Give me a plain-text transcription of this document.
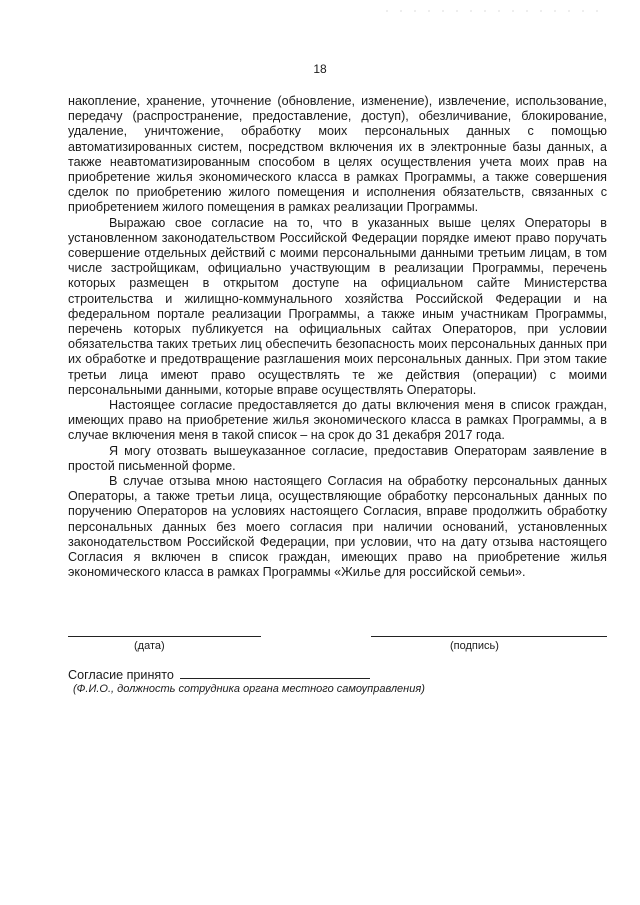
18

накопление, хранение, уточнение (обновление, изменение), извлечение, использование, передачу (распространение, предоставление, доступ), обезличивание, блокирование, удаление, уничтожение, обработку моих персональных данных с помощью автоматизированных систем, посредством включения их в электронные базы данных, а также неавтоматизированным способом в целях осуществления учета моих прав на приобретение жилья экономического класса в рамках Программы, а также совершения сделок по приобретению жилого помещения и исполнения обязательств, связанных с приобретением жилого помещения в рамках реализации Программы.

Выражаю свое согласие на то, что в указанных выше целях Операторы в установленном законодательством Российской Федерации порядке имеют право поручать совершение отдельных действий с моими персональными данными третьим лицам, в том числе застройщикам, официально участвующим в реализации Программы, перечень которых размещен в открытом доступе на официальном сайте Министерства строительства и жилищно-коммунального хозяйства Российской Федерации и на федеральном портале реализации Программы, а также иным участникам Программы, перечень которых публикуется на официальных сайтах Операторов, при условии обязательства таких третьих лиц обеспечить безопасность моих персональных данных при их обработке и предотвращение разглашения моих персональных данных. При этом такие третьи лица имеют право осуществлять те же действия (операции) с моими персональными данными, которые вправе осуществлять Операторы.

Настоящее согласие предоставляется до даты включения меня в список граждан, имеющих право на приобретение жилья экономического класса в рамках Программы, а в случае включения меня в такой список – на срок до 31 декабря 2017 года.

Я могу отозвать вышеуказанное согласие, предоставив Операторам заявление в простой письменной форме.

В случае отзыва мною настоящего Согласия на обработку персональных данных Операторы, а также третьи лица, осуществляющие обработку персональных данных по поручению Операторов на условиях настоящего Согласия, вправе продолжить обработку персональных данных без моего согласия при наличии оснований, установленных законодательством Российской Федерации, при условии, что на дату отзыва настоящего Согласия я включен в список граждан, имеющих право на приобретение жилья экономического класса в рамках Программы «Жилье для российской семьи».

(дата)	(подпись)
Согласие принято
(Ф.И.О., должность сотрудника органа местного самоуправления)
